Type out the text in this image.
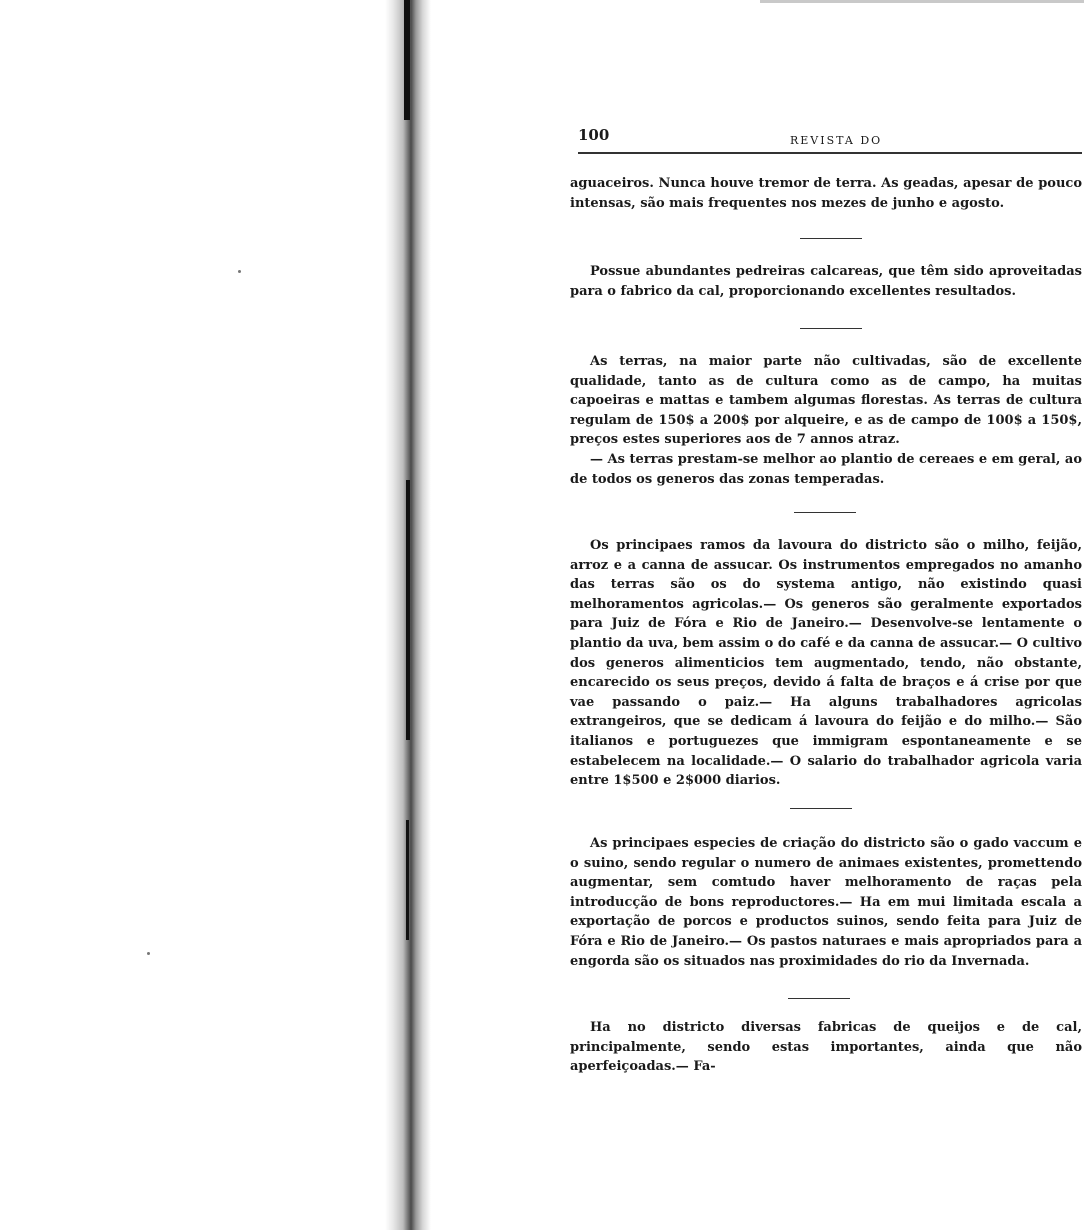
100	REVISTA DO

aguaceiros. Nunca houve tremor de terra. As geadas, apesar de pouco intensas, são mais frequentes nos mezes de junho e agosto.

Possue abundantes pedreiras calcareas, que têm sido aproveitadas para o fabrico da cal, proporcionando excellentes resultados.

As terras, na maior parte não cultivadas, são de excellente qualidade, tanto as de cultura como as de campo, ha muitas capoeiras e mattas e tambem algumas florestas. As terras de cultura regulam de 150$ a 200$ por alqueire, e as de campo de 100$ a 150$, preços estes superiores aos de 7 annos atraz.

— As terras prestam-se melhor ao plantio de cereaes e em geral, ao de todos os generos das zonas temperadas.

Os principaes ramos da lavoura do districto são o milho, feijão, arroz e a canna de assucar. Os instrumentos empregados no amanho das terras são os do systema antigo, não existindo quasi melhoramentos agricolas.— Os generos são geralmente exportados para Juiz de Fóra e Rio de Janeiro.— Desenvolve-se lentamente o plantio da uva, bem assim o do café e da canna de assucar.— O cultivo dos generos alimenticios tem augmentado, tendo, não obstante, encarecido os seus preços, devido á falta de braços e á crise por que vae passando o paiz.— Ha alguns trabalhadores agricolas extrangeiros, que se dedicam á lavoura do feijão e do milho.— São italianos e portuguezes que immigram espontaneamente e se estabelecem na localidade.— O salario do trabalhador agricola varia entre 1$500 e 2$000 diarios.

As principaes especies de criação do districto são o gado vaccum e o suino, sendo regular o numero de animaes existentes, promettendo augmentar, sem comtudo haver melhoramento de raças pela introducção de bons reproductores.— Ha em mui limitada escala a exportação de porcos e productos suinos, sendo feita para Juiz de Fóra e Rio de Janeiro.— Os pastos naturaes e mais apropriados para a engorda são os situados nas proximidades do rio da Invernada.

Ha no districto diversas fabricas de queijos e de cal, principalmente, sendo estas importantes, ainda que não aperfeiçoadas.— Fa-
